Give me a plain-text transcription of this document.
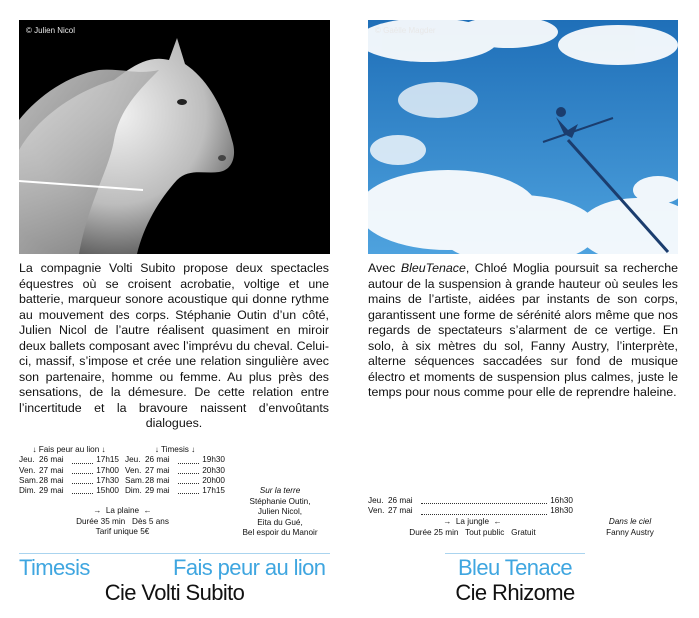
© Julien Nicol	© Gaëlle Magder
La compagnie Volti Subito propose deux spectacles équestres où se croisent acrobatie, voltige et une batterie, marqueur sonore acoustique qui donne rythme au mouvement des corps. Stéphanie Outin d’un côté, Julien Nicol de l’autre réalisent quasiment en miroir deux ballets composant avec l’imprévu du cheval. Celui-ci, massif, s’impose et crée une relation singulière avec son partenaire, homme ou femme. Au plus près des sensations, de la démesure. De cette relation entre l’incertitude et la bravoure naissent d’envoûtants dialogues.
Avec BleuTenace, Chloé Moglia poursuit sa recherche autour de la suspension à grande hauteur où seules les mains de l’artiste, aidées par instants de son corps, garantissent une forme de sérénité alors même que nos regards de spectateurs s’alarment de ce vertige. En solo, à six mètres du sol, Fanny Austry, l’interprète, alterne séquences saccadées sur fond de musique électro et moments de suspension plus calmes, juste le temps pour nous comme pour elle de reprendre haleine.
↓ Fais peur au lion ↓
Jeu. 26 mai	17h15
Ven. 27 mai	17h00
Sam. 28 mai	17h30
Dim. 29 mai	15h00
↓ Timesis ↓
Jeu. 26 mai	19h30
Ven. 27 mai	20h30
Sam. 28 mai	20h00
Dim. 29 mai	17h15
→ La plaine ←
Durée 35 min Dès 5 ans
Tarif unique 5€
Sur la terre
Stéphanie Outin,
Julien Nicol,
Eita du Gué,
Bel espoir du Manoir
Timesis	Fais peur au lion
Cie Volti Subito
Jeu. 26 mai	16h30
Ven. 27 mai	18h30
→ La jungle ←
Durée 25 min Tout public Gratuit
Dans le ciel
Fanny Austry
Bleu Tenace
Cie Rhizome
